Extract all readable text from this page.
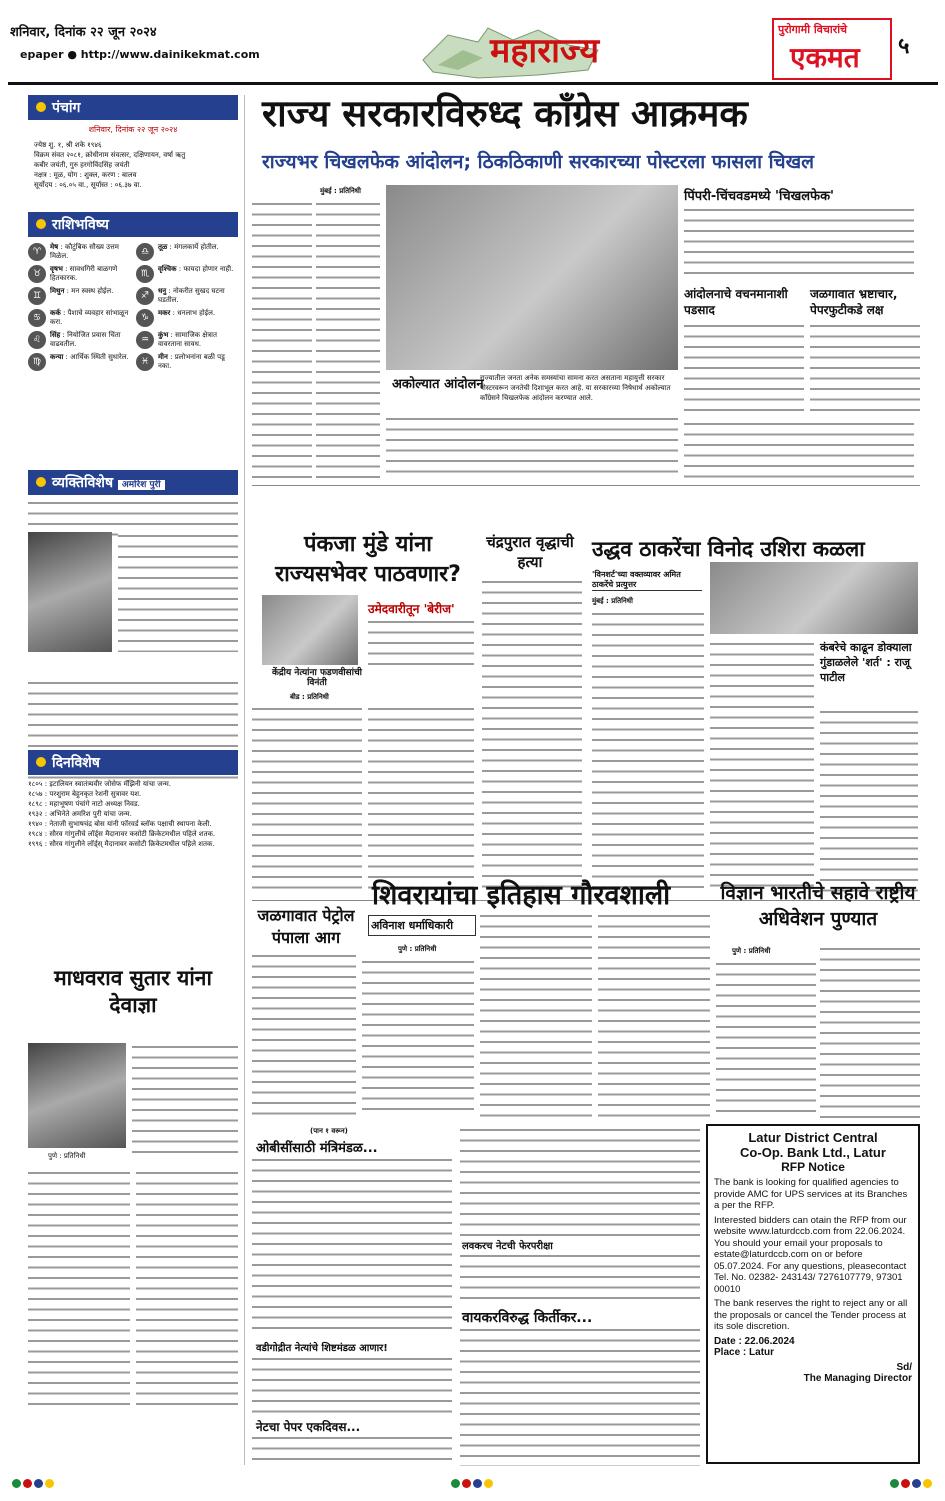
शनिवार, दिनांक २२ जून २०२४
epaper ● http://www.dainikekmat.com	महाराज्य
पुरोगामी विचारांचे
एकमत ५
पंचांग
शनिवार, दिनांक २२ जून २०२४
ज्येष्ठ शु. १, श्री शके १९४६
विक्रम संवत २०८१, क्रोधीनाम संवत्सर, दक्षिणायन, वर्षा ऋतु
कबीर जयंती, गुरु हरगोविंदसिंह जयंती
नक्षत्र : मूळ, योग : शुक्ल, करण : बालव
सूर्योदय : ०६.०५ वा., सूर्यास्त : ०६.३७ वा.
राशिभविष्य
♈	मेष : कौटुंबिक सौख्य उत्तम मिळेल.	♎	तूळ : मंगलकार्ये होतील.
♉	वृषभ : सावधगिरी बाळगणे हितकारक.	♏	वृश्चिक : फायदा होणार नाही.
♊	मिथुन : मन स्वस्थ होईल.	♐	धनु : नोकरीत सुखद घटना घडतील.
♋	कर्क : पैशाचे व्यवहार सांभाळून करा.	♑	मकर : धनलाभ होईल.
♌	सिंह : नियोजित प्रवास चिंता वाढवतील.	♒	कुंभ : सामाजिक क्षेत्रात वावरताना सावध.
♍	कन्या : आर्थिक स्थिती सुधारेल.	♓	मीन : प्रलोभनांना बळी पडू नका.
व्यक्तिविशेष अमरिश पुरी
दिनविशेष
१८०५ : इटालियन स्वातंत्र्यवीर जोसेफ मॅझिनी यांचा जन्म.
१८५७ : परशुराम बेहुनकृत रेशनी सुत्रावर यश.
१८९८ : महाभूषण पंचांगे नाटो अध्यक्ष निवड.
१९३२ : अभिनेते अमरिश पुरी यांचा जन्म.
१९४० : नेताजी सुभाषचंद्र बोस यांनी फॉरवर्ड ब्लॉक पक्षाची स्थापना केली.
१९८४ : सौरव गांगुलीचे लॉर्ड्स मैदानावर कसोटी क्रिकेटमधील पहिले शतक.
१९९६ : सौरव गांगुलीने लॉर्ड्स्‌ मैदानावर कसोटी क्रिकेटमधील पहिले शतक.
माधवराव सुतार यांना देवाज्ञा
पुणे : प्रतिनिधी
राज्य सरकारविरुध्द काँग्रेस आक्रमक
राज्यभर चिखलफेक आंदोलन; ठिकठिकाणी सरकारच्या पोस्टरला फासला चिखल
मुंबई : प्रतिनिधी
अकोल्यात आंदोलन
राज्यातील जनता अनेक समस्यांचा सामना करत असताना महायुत्ती सरकार पोस्टरवरून जनतेची दिशाभूल करत आहे. या सरकारच्या निषेधार्थ अकोल्यात काँग्रेसने चिखलफेक आंदोलन करण्यात आले.
पिंपरी-चिंचवडमध्ये 'चिखलफेक'
आंदोलनाचे वचनमानाशी पडसाद
जळगावात भ्रष्टाचार, पेपरफुटीकडे लक्ष
पंकजा मुंडे यांना राज्यसभेवर पाठवणार?
केंद्रीय नेत्यांना फडणवीसांची विनंती
उमेदवारीतून 'बेरीज'
बीड : प्रतिनिधी
चंद्रपुरात वृद्धाची हत्या
उद्धव ठाकरेंचा विनोद उशिरा कळला
'विनशर्ट'च्या वक्तव्यावर अमित ठाकरेंचे प्रत्युत्तर
मुंबई : प्रतिनिधी
कंबरेचे काढून डोक्याला गुंडाळलेले 'शर्त' : राजू पाटील
जळगावात पेट्रोल पंपाला आग
शिवरायांचा इतिहास गौरवशाली
अविनाश धर्माधिकारी
पुणे : प्रतिनिधी
विज्ञान भारतीचे सहावे राष्ट्रीय अधिवेशन पुण्यात
पुणे : प्रतिनिधी
(पान १ वरून)
ओबीसींसाठी मंत्रिमंडळ...
वडीगोद्रीत नेत्यांचे शिष्टमंडळ आणार!
नेटचा पेपर एकदिवस...
लवकरच नेटची फेरपरीक्षा
वायकरविरुद्ध किर्तीकर...
Latur District Central
Co-Op. Bank Ltd., Latur
RFP Notice
The bank is looking for qualified agencies to provide AMC for UPS services at its Branches a per the RFP.
Interested bidders can otain the RFP from our website www.laturdccb.com from 22.06.2024. You should your email your proposals to estate@laturdccb.com on or before 05.07.2024. For any questions, pleasecontact Tel. No. 02382- 243143/ 7276107779, 97301 00010
The bank reserves the right to reject any or all the proposals or cancel the Tender process at its sole discretion.
Date : 22.06.2024
Place : Latur
Sd/
The Managing Director
